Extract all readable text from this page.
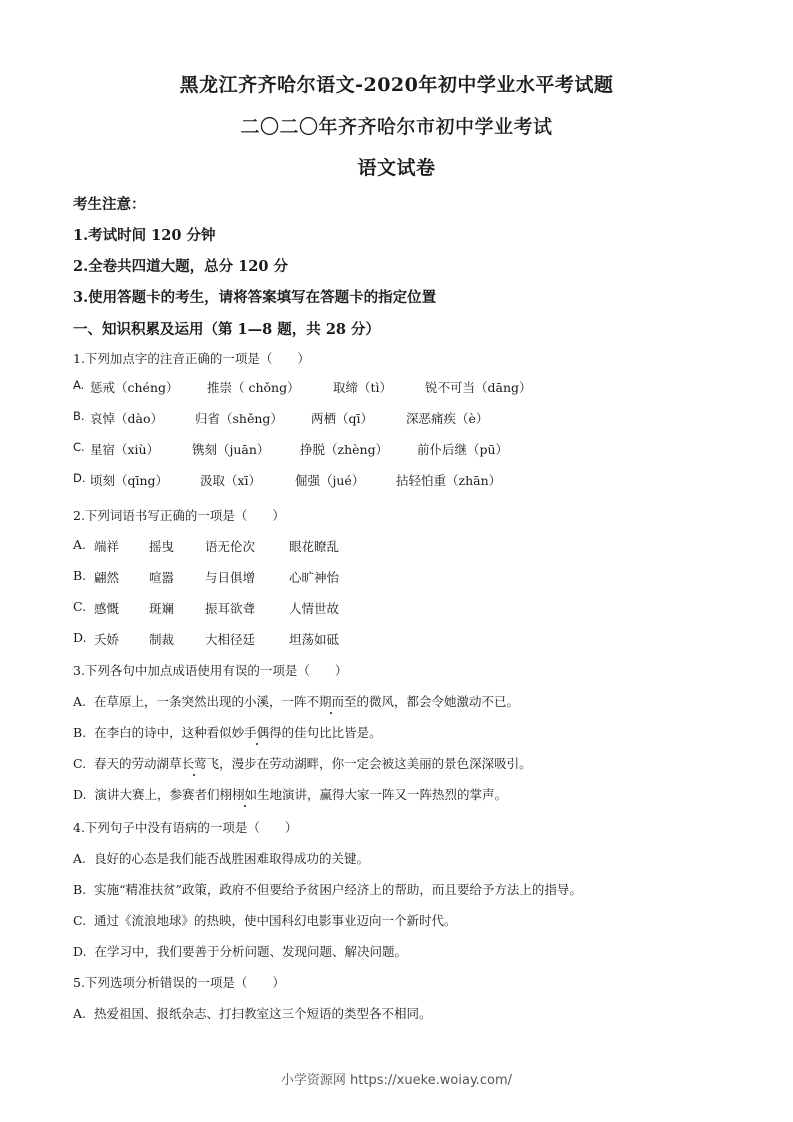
黑龙江齐齐哈尔语文-2020年初中学业水平考试题
二〇二〇年齐齐哈尔市初中学业考试
语文试卷
考生注意：
1.考试时间 120 分钟
2.全卷共四道大题，总分 120 分
3.使用答题卡的考生，请将答案填写在答题卡的指定位置
一、知识积累及运用（第 1—8 题，共 28 分）
1.下列加点字的注音正确的一项是（　　）
A. 惩戒（chéng） 推崇（ chǒng）	取缔（tì）	锐不可当（dāng）
B. 哀悼（dào）	归省（shěng） 两栖（qī）	深恶痛疾（è）
C. 星宿（xiù）	镌刻（juān） 挣脱（zhèng） 前仆后继（pū）
D. 顷刻（qīng）	汲取（xī）	倔强（jué）	拈轻怕重（zhān）
2.下列词语书写正确的一项是（　　）
A. 端祥 摇曳 语无伦次	眼花瞭乱
B. 翩然 喧嚣 与日俱增	心旷神怡
C. 感慨 斑斓 振耳欲聋	人情世故
D. 夭娇 制裁 大相径廷	坦荡如砥
3.下列各句中加点成语使用有误的一项是（　　）
A. 在草原上，一条突然出现的小溪，一阵不期而至的微风，都会令她激动不已。
B. 在李白的诗中，这种看似妙手偶得的佳句比比皆是。
C. 春天的劳动湖草长莺飞，漫步在劳动湖畔，你一定会被这美丽的景色深深吸引。
D. 演讲大赛上，参赛者们栩栩如生地演讲，赢得大家一阵又一阵热烈的掌声。
4.下列句子中没有语病的一项是（　　）
A. 良好的心态是我们能否战胜困难取得成功的关键。
B. 实施“精准扶贫”政策，政府不但要给予贫困户经济上的帮助，而且要给予方法上的指导。
C. 通过《流浪地球》的热映，使中国科幻电影事业迈向一个新时代。
D. 在学习中，我们要善于分析问题、发现问题、解决问题。
5.下列选项分析错误的一项是（　　）
A. 热爱祖国、报纸杂志、打扫教室这三个短语的类型各不相同。
小学资源网 https://xueke.woiay.com/
